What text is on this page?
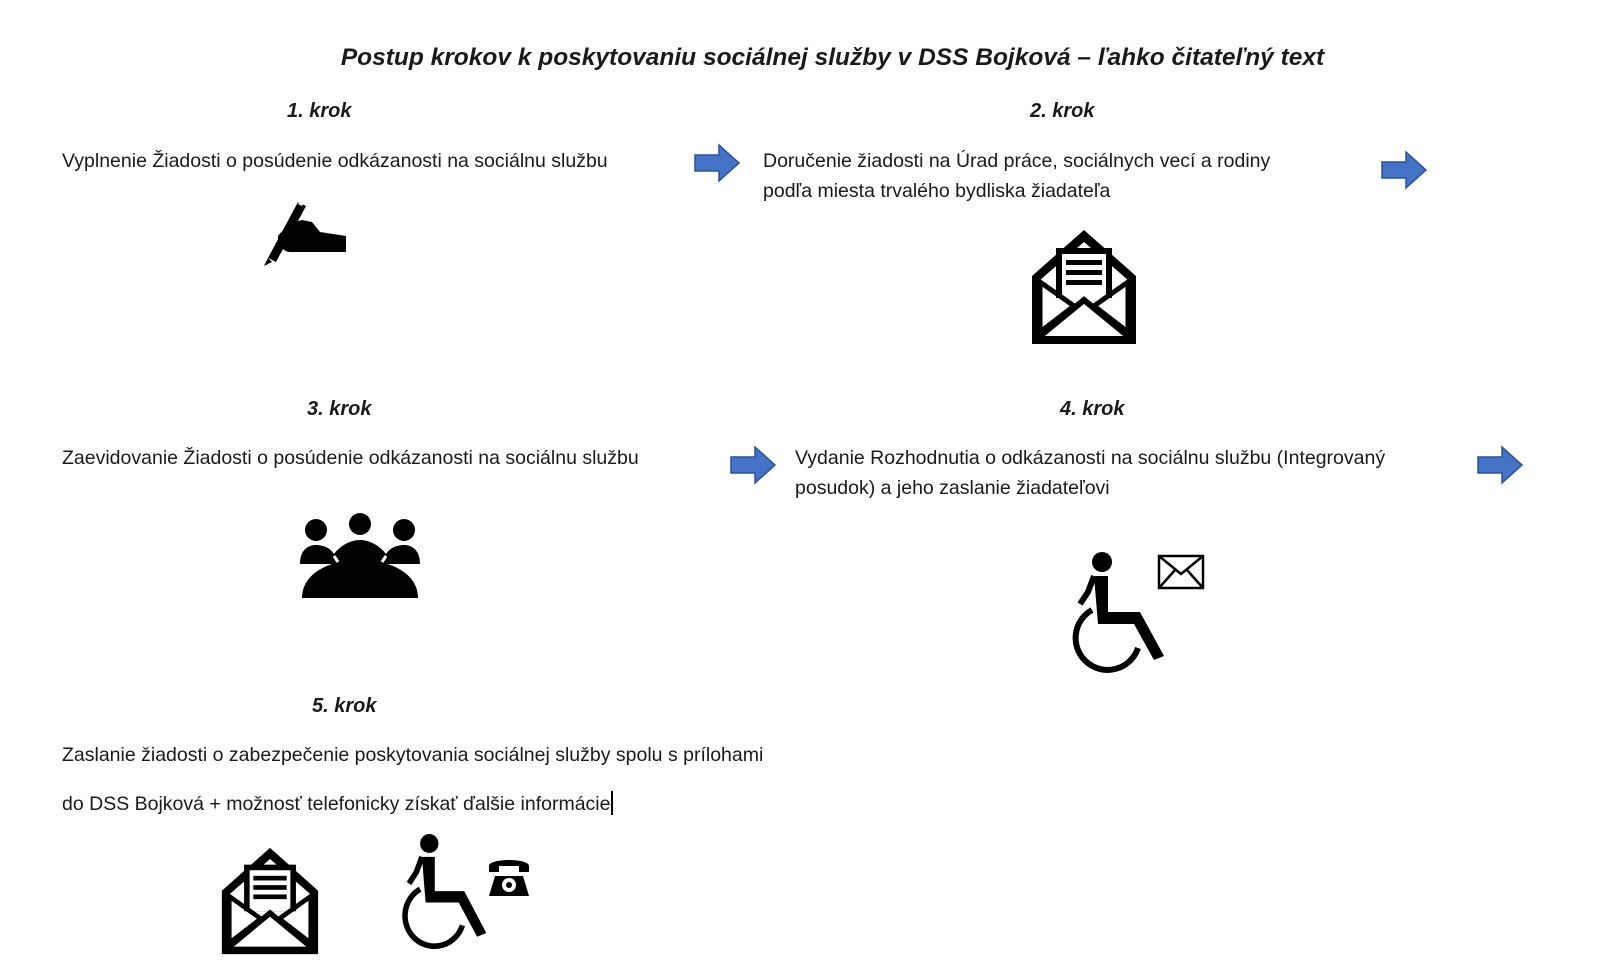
Postup krokov k poskytovaniu sociálnej služby v DSS Bojková – ľahko čitateľný text
1. krok
Vyplnenie Žiadosti o posúdenie odkázanosti na sociálnu službu
2. krok
Doručenie žiadosti na Úrad práce, sociálnych vecí a rodiny
podľa miesta trvalého bydliska žiadateľa
3. krok
Zaevidovanie Žiadosti o posúdenie odkázanosti na sociálnu službu
4. krok
Vydanie Rozhodnutia o odkázanosti na sociálnu službu (Integrovaný
posudok) a jeho zaslanie žiadateľovi
5. krok
Zaslanie žiadosti o zabezpečenie poskytovania sociálnej služby spolu s prílohami
do DSS Bojková + možnosť telefonicky získať ďalšie informácie
